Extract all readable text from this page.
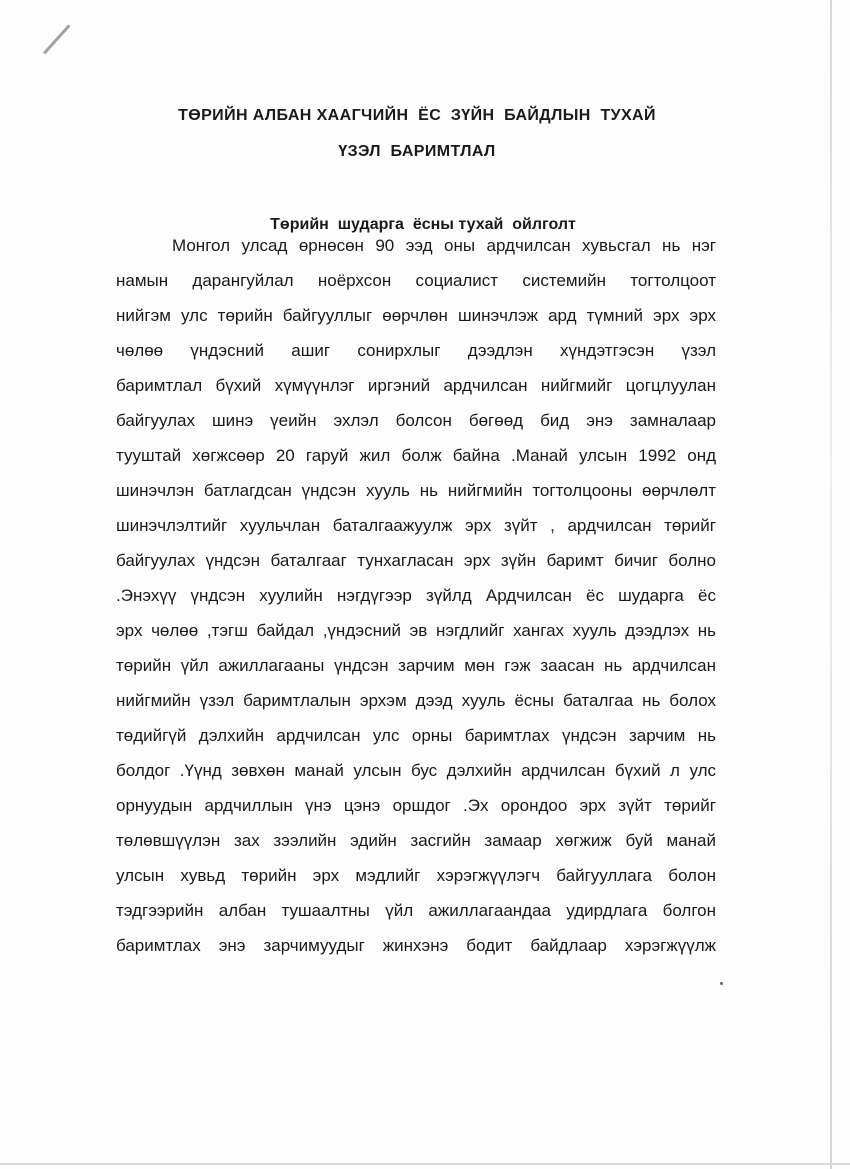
ТӨРИЙН АЛБАН ХААГЧИЙН  ЁС  ЗҮЙН  БАЙДЛЫН  ТУХАЙ
ҮЗЭЛ  БАРИМТЛАЛ
Төрийн  шударга  ёсны тухай  ойлголт
Монгол улсад өрнөсөн 90 ээд оны ардчилсан хувьсгал нь нэг
намын дарангуйлал ноёрхсон социалист системийн тогтолцоот
нийгэм улс төрийн байгууллыг өөрчлөн шинэчлэж ард түмний эрх эрх
чөлөө үндэсний ашиг сонирхлыг дээдлэн хүндэтгэсэн үзэл
баримтлал бүхий хүмүүнлэг иргэний ардчилсан нийгмийг цогцлуулан
байгуулах шинэ үеийн эхлэл болсон бөгөөд бид энэ замналаар
тууштай хөгжсөөр 20 гаруй жил болж байна .Манай улсын 1992 онд
шинэчлэн батлагдсан үндсэн хууль нь нийгмийн тогтолцооны өөрчлөлт
шинэчлэлтийг хуульчлан баталгаажуулж эрх зүйт , ардчилсан төрийг
байгуулах үндсэн баталгааг тунхагласан эрх зүйн баримт бичиг болно
.Энэхүү үндсэн хуулийн нэгдүгээр зүйлд Ардчилсан ёс шударга ёс
эрх чөлөө ,тэгш байдал ,үндэсний эв нэгдлийг хангах хууль дээдлэх нь
төрийн үйл ажиллагааны үндсэн зарчим мөн гэж заасан нь ардчилсан
нийгмийн үзэл баримтлалын эрхэм дээд хууль ёсны баталгаа нь болох
төдийгүй дэлхийн ардчилсан улс орны баримтлах үндсэн зарчим нь
болдог .Үүнд зөвхөн манай улсын бус дэлхийн ардчилсан бүхий л улс
орнуудын ардчиллын үнэ цэнэ оршдог .Эх орондоо эрх зүйт төрийг
төлөвшүүлэн зах зээлийн эдийн засгийн замаар хөгжиж буй манай
улсын хувьд төрийн эрх мэдлийг хэрэгжүүлэгч байгууллага болон
тэдгээрийн албан тушаалтны үйл ажиллагаандаа удирдлага болгон
баримтлах энэ зарчимуудыг жинхэнэ бодит байдлаар хэрэгжүүлж
